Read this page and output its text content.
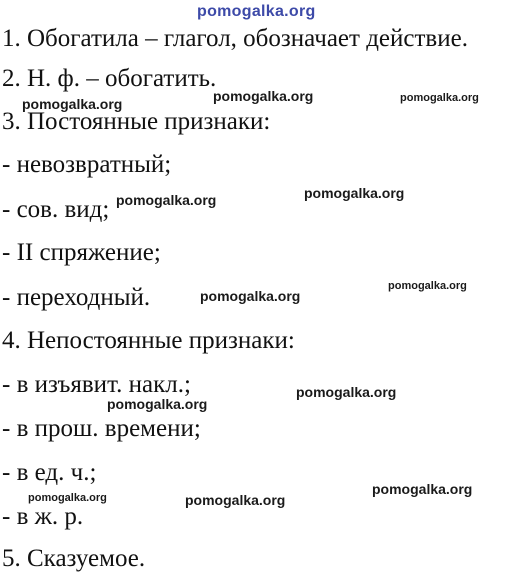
pomogalka.org
1. Обогатила – глагол, обозначает действие.
2. Н. ф. – обогатить.
3. Постоянные признаки:
- невозвратный;
- сов. вид;
- II спряжение;
- переходный.
4. Непостоянные признаки:
- в изъявит. накл.;
- в прош. времени;
- в ед. ч.;
- в ж. р.
5. Сказуемое.
pomogalka.org	pomogalka.org	pomogalka.org
pomogalka.org
pomogalka.org
pomogalka.org
pomogalka.org
pomogalka.org
pomogalka.org
pomogalka.org
pomogalka.org	pomogalka.org
